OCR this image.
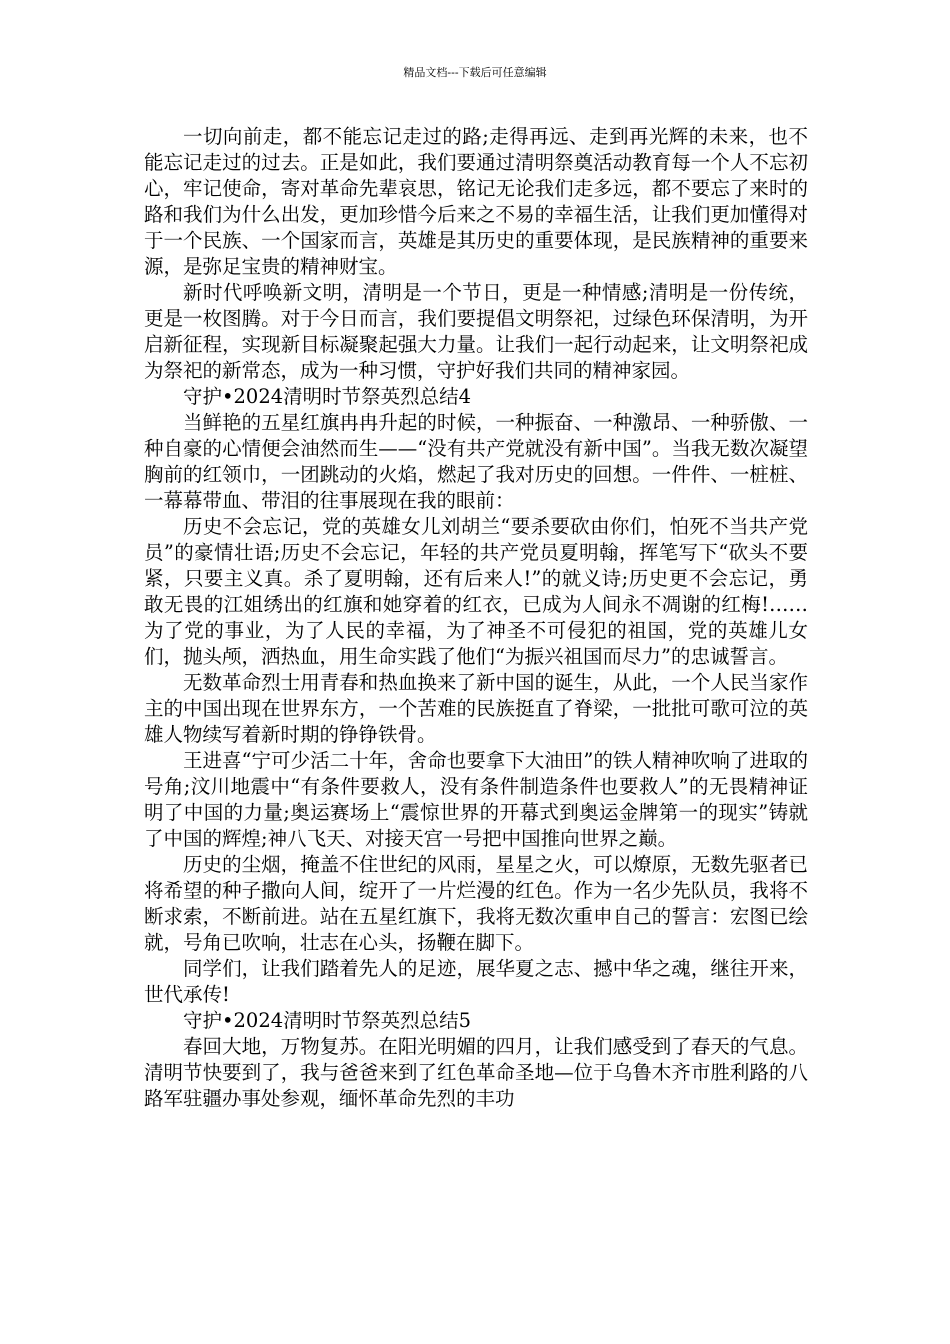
精品文档---下载后可任意编辑

一切向前走，都不能忘记走过的路;走得再远、走到再光辉的未来，也不能忘记走过的过去。正是如此，我们要通过清明祭奠活动教育每一个人不忘初心，牢记使命，寄对革命先辈哀思，铭记无论我们走多远，都不要忘了来时的路和我们为什么出发，更加珍惜今后来之不易的幸福生活，让我们更加懂得对于一个民族、一个国家而言，英雄是其历史的重要体现，是民族精神的重要来源，是弥足宝贵的精神财宝。

新时代呼唤新文明，清明是一个节日，更是一种情感;清明是一份传统，更是一枚图腾。对于今日而言，我们要提倡文明祭祀，过绿色环保清明，为开启新征程，实现新目标凝聚起强大力量。让我们一起行动起来，让文明祭祀成为祭祀的新常态，成为一种习惯，守护好我们共同的精神家园。

守护•2024清明时节祭英烈总结4

当鲜艳的五星红旗冉冉升起的时候，一种振奋、一种激昂、一种骄傲、一种自豪的心情便会油然而生——“没有共产党就没有新中国”。当我无数次凝望胸前的红领巾，一团跳动的火焰，燃起了我对历史的回想。一件件、一桩桩、一幕幕带血、带泪的往事展现在我的眼前：

历史不会忘记，党的英雄女儿刘胡兰“要杀要砍由你们，怕死不当共产党员”的豪情壮语;历史不会忘记，年轻的共产党员夏明翰，挥笔写下“砍头不要紧，只要主义真。杀了夏明翰，还有后来人!”的就义诗;历史更不会忘记，勇敢无畏的江姐绣出的红旗和她穿着的红衣，已成为人间永不凋谢的红梅!……为了党的事业，为了人民的幸福，为了神圣不可侵犯的祖国，党的英雄儿女们，抛头颅，洒热血，用生命实践了他们“为振兴祖国而尽力”的忠诚誓言。

无数革命烈士用青春和热血换来了新中国的诞生，从此，一个人民当家作主的中国出现在世界东方，一个苦难的民族挺直了脊梁，一批批可歌可泣的英雄人物续写着新时期的铮铮铁骨。

王进喜“宁可少活二十年，舍命也要拿下大油田”的铁人精神吹响了进取的号角;汶川地震中“有条件要救人，没有条件制造条件也要救人”的无畏精神证明了中国的力量;奥运赛场上“震惊世界的开幕式到奥运金牌第一的现实”铸就了中国的辉煌;神八飞天、对接天宫一号把中国推向世界之巅。

历史的尘烟，掩盖不住世纪的风雨，星星之火，可以燎原，无数先驱者已将希望的种子撒向人间，绽开了一片烂漫的红色。作为一名少先队员，我将不断求索，不断前进。站在五星红旗下，我将无数次重申自己的誓言：宏图已绘就，号角已吹响，壮志在心头，扬鞭在脚下。

同学们，让我们踏着先人的足迹，展华夏之志、撼中华之魂，继往开来，世代承传!

守护•2024清明时节祭英烈总结5

春回大地，万物复苏。在阳光明媚的四月，让我们感受到了春天的气息。清明节快要到了，我与爸爸来到了红色革命圣地—位于乌鲁木齐市胜利路的八路军驻疆办事处参观，缅怀革命先烈的丰功
